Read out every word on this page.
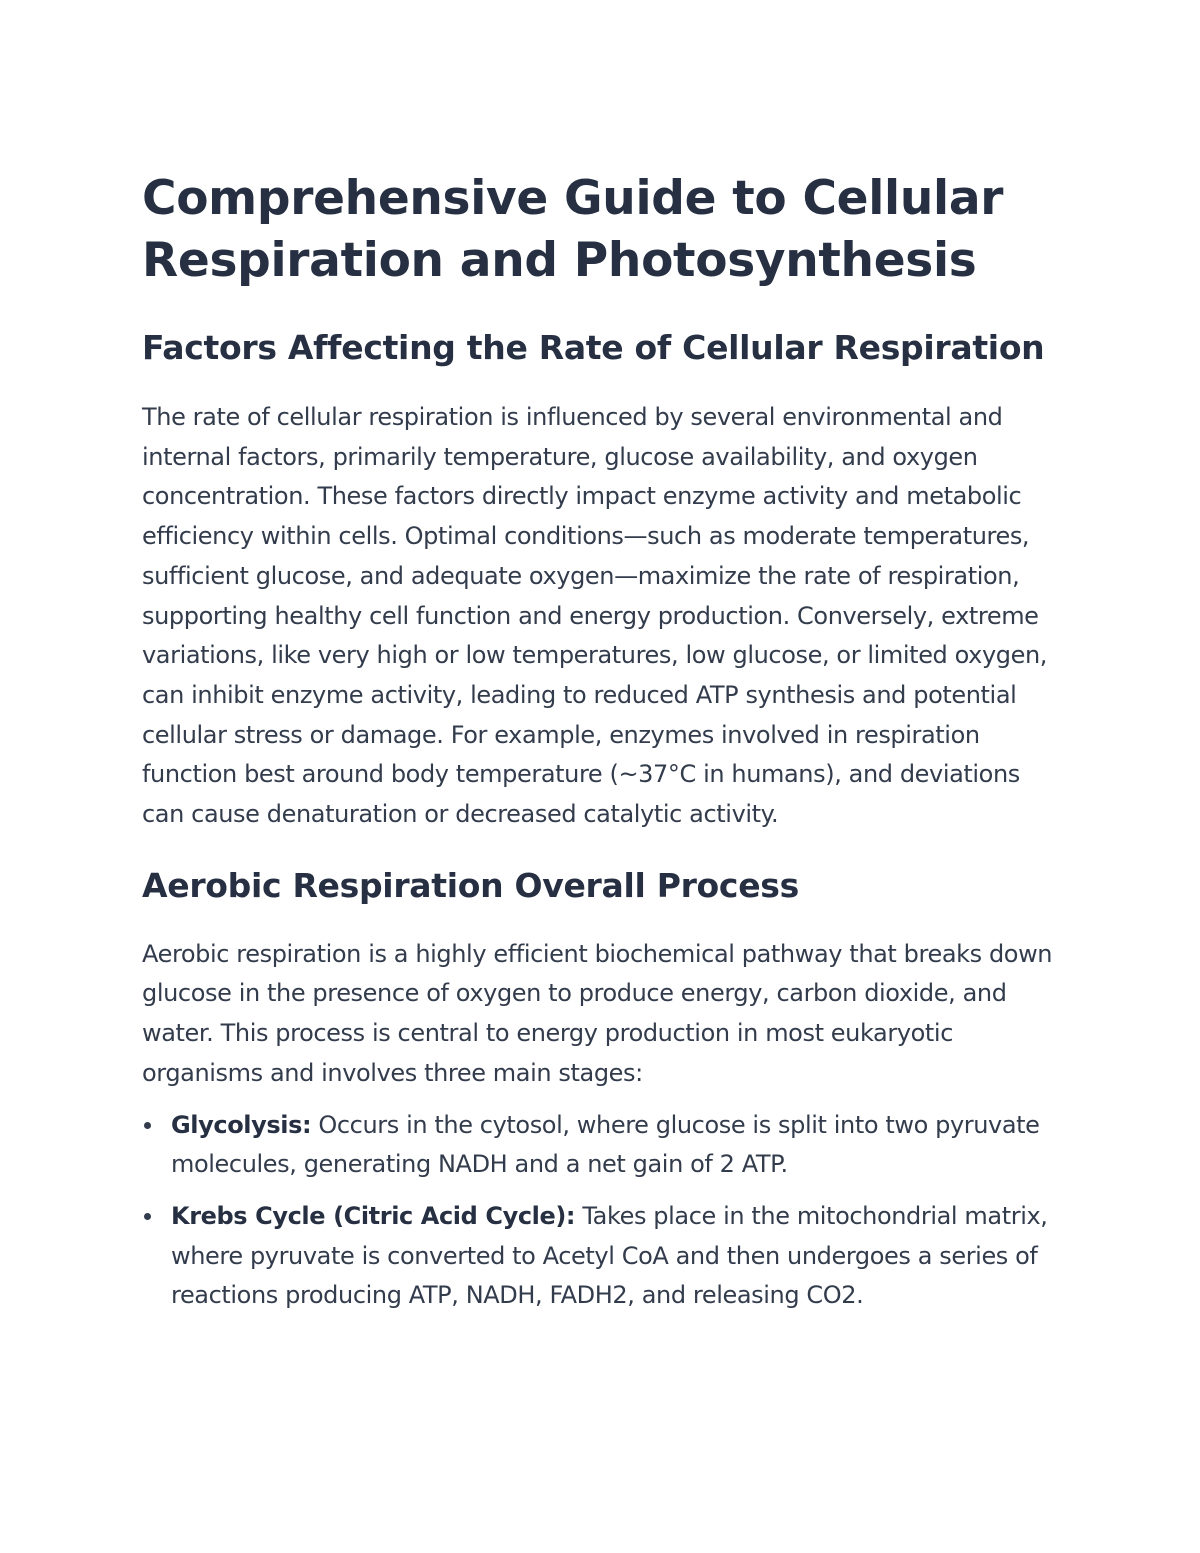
Comprehensive Guide to Cellular Respiration and Photosynthesis
Factors Affecting the Rate of Cellular Respiration

The rate of cellular respiration is influenced by several environmental and internal factors, primarily temperature, glucose availability, and oxygen concentration. These factors directly impact enzyme activity and metabolic efficiency within cells. Optimal conditions—such as moderate temperatures, sufficient glucose, and adequate oxygen—maximize the rate of respiration, supporting healthy cell function and energy production. Conversely, extreme variations, like very high or low temperatures, low glucose, or limited oxygen, can inhibit enzyme activity, leading to reduced ATP synthesis and potential cellular stress or damage. For example, enzymes involved in respiration function best around body temperature (~37°C in humans), and deviations can cause denaturation or decreased catalytic activity.

Aerobic Respiration Overall Process

Aerobic respiration is a highly efficient biochemical pathway that breaks down glucose in the presence of oxygen to produce energy, carbon dioxide, and water. This process is central to energy production in most eukaryotic organisms and involves three main stages:

Glycolysis: Occurs in the cytosol, where glucose is split into two pyruvate molecules, generating NADH and a net gain of 2 ATP.
Krebs Cycle (Citric Acid Cycle): Takes place in the mitochondrial matrix, where pyruvate is converted to Acetyl CoA and then undergoes a series of reactions producing ATP, NADH, FADH2, and releasing CO2.
